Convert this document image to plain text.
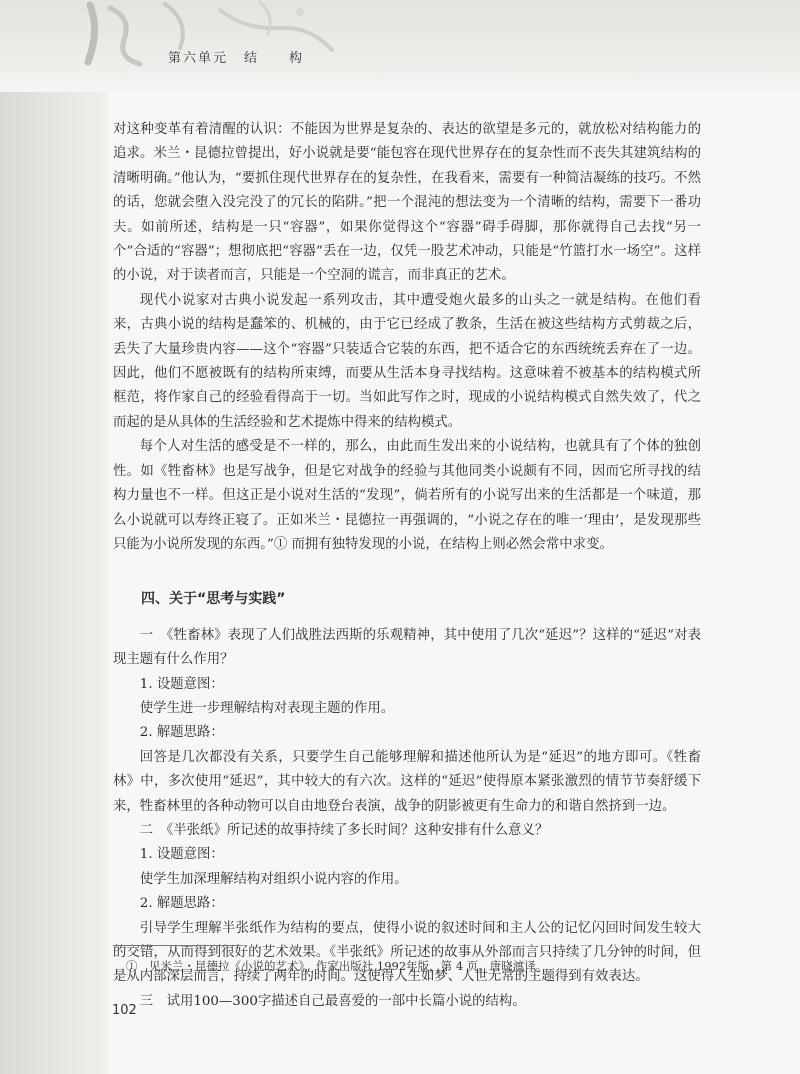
第六单元 结　　构

对这种变革有着清醒的认识：不能因为世界是复杂的、表达的欲望是多元的，就放松对结构能力的追求。米兰・昆德拉曾提出，好小说就是要“能包容在现代世界存在的复杂性而不丧失其建筑结构的清晰明确。”他认为，“要抓住现代世界存在的复杂性，在我看来，需要有一种简洁凝练的技巧。不然的话，您就会堕入没完没了的冗长的陷阱。”把一个混沌的想法变为一个清晰的结构，需要下一番功夫。如前所述，结构是一只“容器”，如果你觉得这个“容器”碍手碍脚，那你就得自己去找“另一个”合适的“容器”；想彻底把“容器”丢在一边，仅凭一股艺术冲动，只能是“竹篮打水一场空”。这样的小说，对于读者而言，只能是一个空洞的谎言，而非真正的艺术。

现代小说家对古典小说发起一系列攻击，其中遭受炮火最多的山头之一就是结构。在他们看来，古典小说的结构是蠢笨的、机械的，由于它已经成了教条，生活在被这些结构方式剪裁之后，丢失了大量珍贵内容——这个“容器”只装适合它装的东西，把不适合它的东西统统丢弃在了一边。因此，他们不愿被既有的结构所束缚，而要从生活本身寻找结构。这意味着不被基本的结构模式所框范，将作家自己的经验看得高于一切。当如此写作之时，现成的小说结构模式自然失效了，代之而起的是从具体的生活经验和艺术提炼中得来的结构模式。

每个人对生活的感受是不一样的，那么，由此而生发出来的小说结构，也就具有了个体的独创性。如《牲畜林》也是写战争，但是它对战争的经验与其他同类小说颇有不同，因而它所寻找的结构力量也不一样。但这正是小说对生活的“发现”，倘若所有的小说写出来的生活都是一个味道，那么小说就可以寿终正寝了。正如米兰・昆德拉一再强调的，“小说之存在的唯一‘理由’，是发现那些只能为小说所发现的东西。”① 而拥有独特发现的小说，在结构上则必然会常中求变。

四、关于“思考与实践”

一　《牲畜林》表现了人们战胜法西斯的乐观精神，其中使用了几次“延迟”？这样的“延迟”对表现主题有什么作用？

1. 设题意图：

使学生进一步理解结构对表现主题的作用。

2. 解题思路：

回答是几次都没有关系，只要学生自己能够理解和描述他所认为是“延迟”的地方即可。《牲畜林》中，多次使用“延迟”，其中较大的有六次。这样的“延迟”使得原本紧张激烈的情节节奏舒缓下来，牲畜林里的各种动物可以自由地登台表演，战争的阴影被更有生命力的和谐自然挤到一边。

二　《半张纸》所记述的故事持续了多长时间？这种安排有什么意义？

1. 设题意图：

使学生加深理解结构对组织小说内容的作用。

2. 解题思路：

引导学生理解半张纸作为结构的要点，使得小说的叙述时间和主人公的记忆闪回时间发生较大的交错，从而得到很好的艺术效果。《半张纸》所记述的故事从外部而言只持续了几分钟的时间，但是从内部深层而言，持续了两年的时间。这使得人生如梦、人世无常的主题得到有效表达。

三　试用100—300字描述自己最喜爱的一部中长篇小说的结构。

①　见米兰・昆德拉《小说的艺术》，作家出版社 1992年版，第 4 页。唐晓渡译。
102
